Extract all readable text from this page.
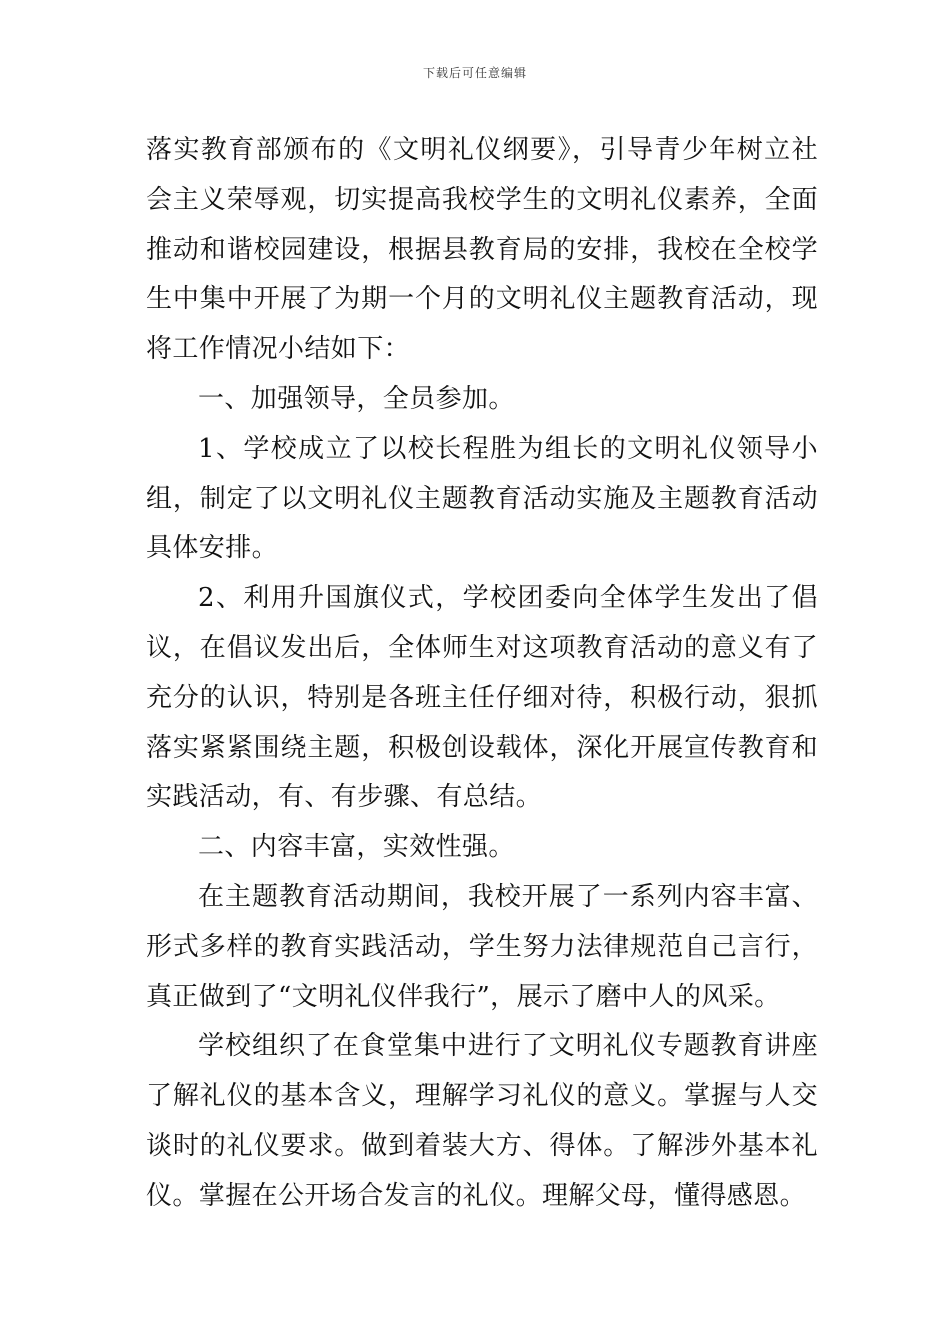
下载后可任意编辑

落实教育部颁布的《文明礼仪纲要》，引导青少年树立社会主义荣辱观，切实提高我校学生的文明礼仪素养，全面推动和谐校园建设，根据县教育局的安排，我校在全校学生中集中开展了为期一个月的文明礼仪主题教育活动，现将工作情况小结如下：

一、加强领导，全员参加。

1、学校成立了以校长程胜为组长的文明礼仪领导小组，制定了以文明礼仪主题教育活动实施及主题教育活动具体安排。

2、利用升国旗仪式，学校团委向全体学生发出了倡议，在倡议发出后，全体师生对这项教育活动的意义有了充分的认识，特别是各班主任仔细对待，积极行动，狠抓落实紧紧围绕主题，积极创设载体，深化开展宣传教育和实践活动，有、有步骤、有总结。

二、内容丰富，实效性强。

在主题教育活动期间，我校开展了一系列内容丰富、形式多样的教育实践活动，学生努力法律规范自己言行，真正做到了“文明礼仪伴我行”，展示了磨中人的风采。

学校组织了在食堂集中进行了文明礼仪专题教育讲座了解礼仪的基本含义，理解学习礼仪的意义。掌握与人交谈时的礼仪要求。做到着装大方、得体。了解涉外基本礼仪。掌握在公开场合发言的礼仪。理解父母，懂得感恩。
